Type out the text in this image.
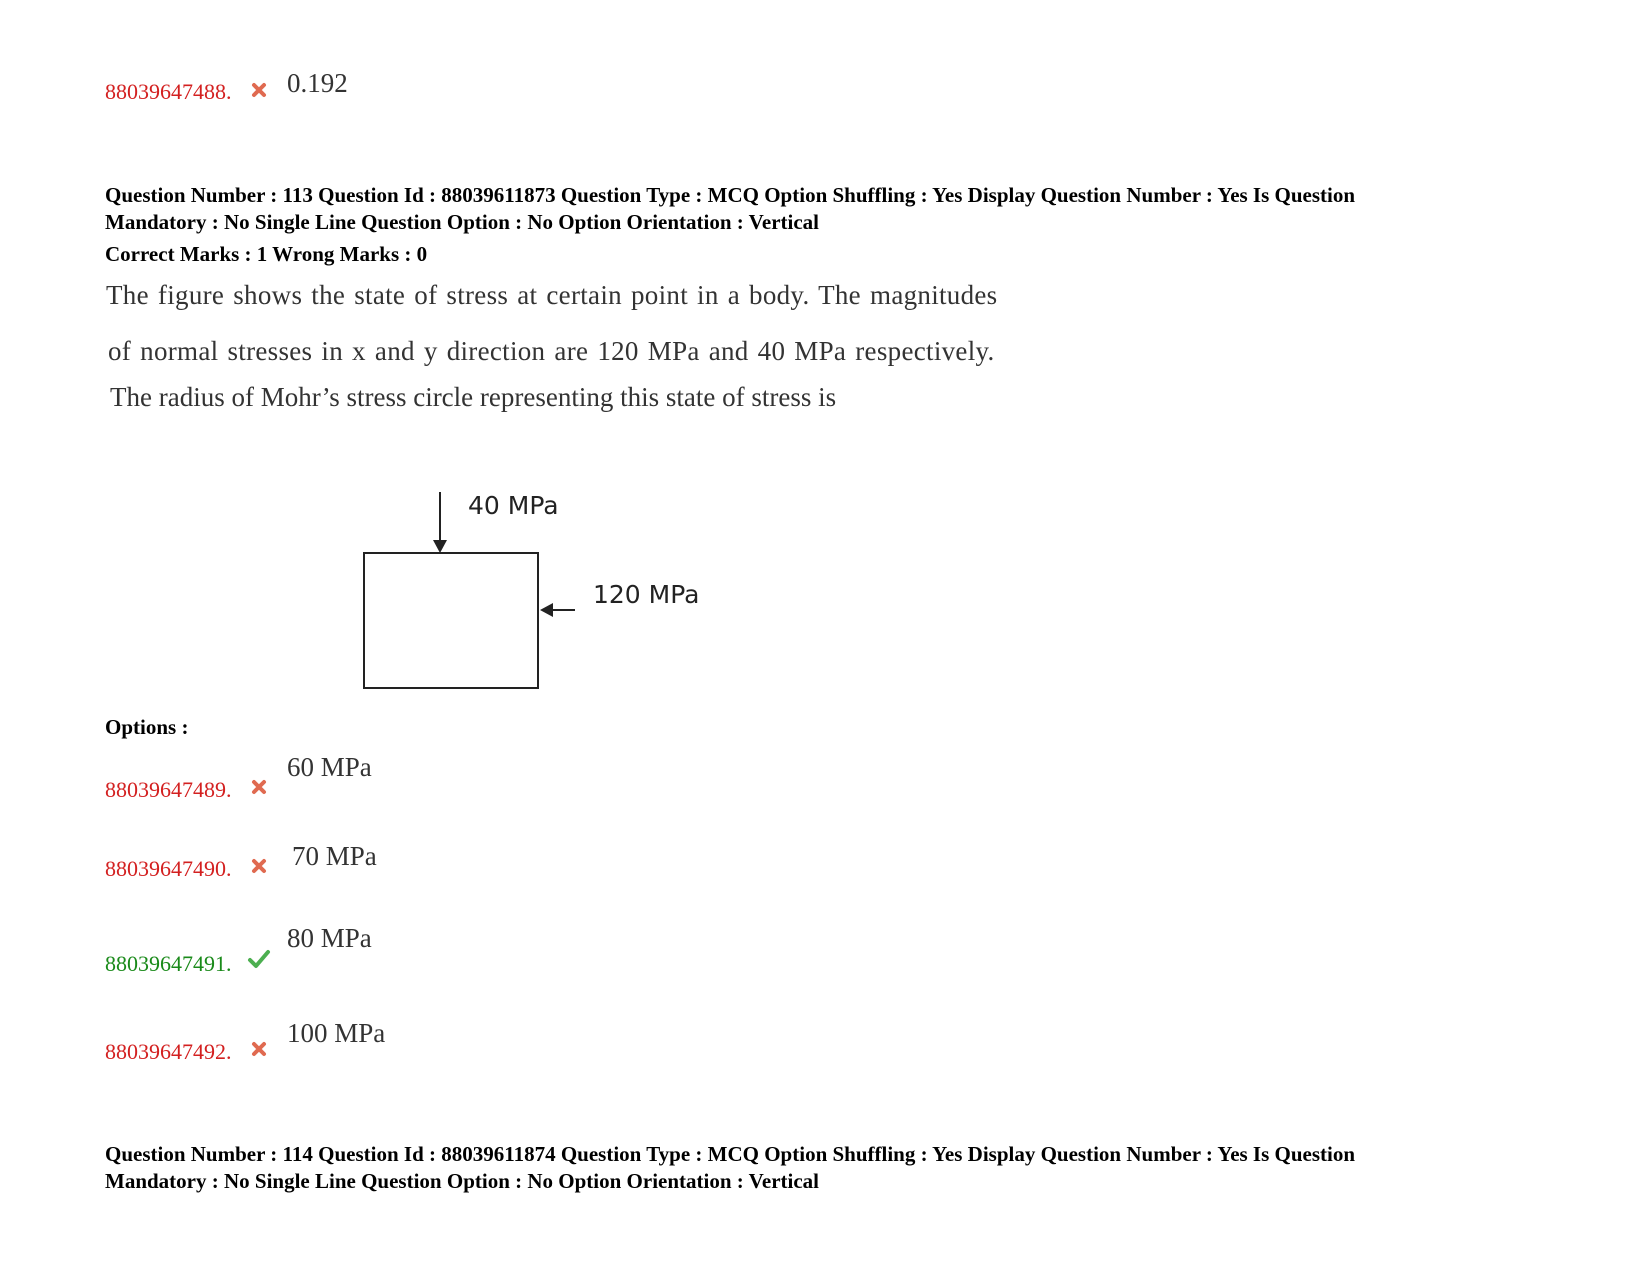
88039647488. 0.192
Question Number : 113 Question Id : 88039611873 Question Type : MCQ Option Shuffling : Yes Display Question Number : Yes Is Question
Mandatory : No Single Line Question Option : No Option Orientation : Vertical
Correct Marks : 1 Wrong Marks : 0
The figure shows the state of stress at certain point in a body. The magnitudes
of normal stresses in x and y direction are 120 MPa and 40 MPa respectively.
The radius of Mohr’s stress circle representing this state of stress is
40 MPa
120 MPa
Options :
88039647489.
60 MPa
88039647490. 70 MPa
88039647491.
80 MPa
88039647492.
100 MPa
Question Number : 114 Question Id : 88039611874 Question Type : MCQ Option Shuffling : Yes Display Question Number : Yes Is Question
Mandatory : No Single Line Question Option : No Option Orientation : Vertical
